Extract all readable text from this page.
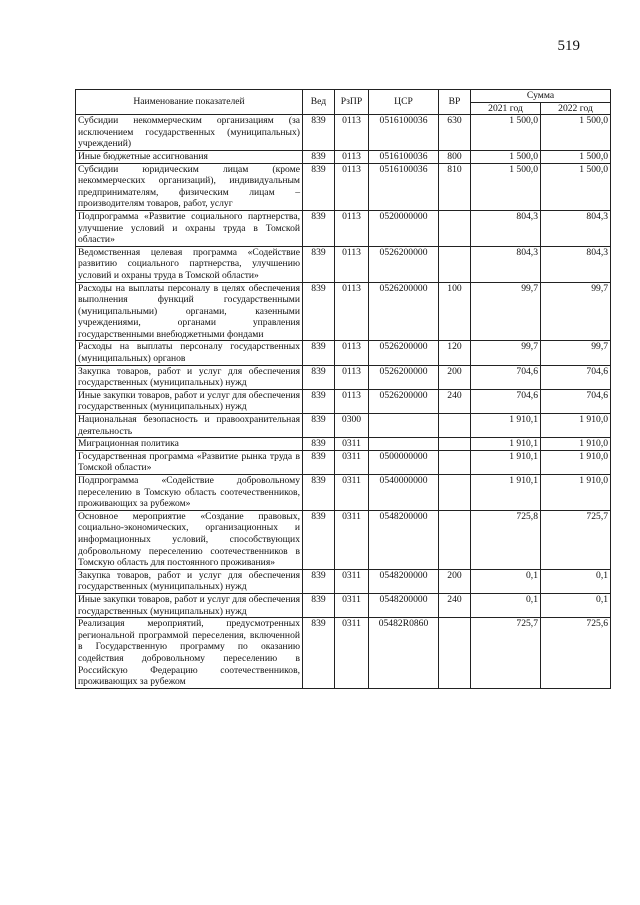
519
Наименование показателей	Вед	РзПР	ЦСР	ВР	Сумма	
					2021 год	2022 год
Субсидии некоммерческим организациям (за исключением государственных (муниципальных) учреждений)	839	0113	0516100036	630	1 500,0	1 500,0
Иные бюджетные ассигнования	839	0113	0516100036	800	1 500,0	1 500,0
Субсидии юридическим лицам (кроме некоммерческих организаций), индивидуальным предпринимателям, физическим лицам – производителям товаров, работ, услуг	839	0113	0516100036	810	1 500,0	1 500,0
Подпрограмма «Развитие социального партнерства, улучшение условий и охраны труда в Томской области»	839	0113	0520000000		804,3	804,3
Ведомственная целевая программа «Содействие развитию социального партнерства, улучшению условий и охраны труда в Томской области»	839	0113	0526200000		804,3	804,3
Расходы на выплаты персоналу в целях обеспечения выполнения функций государственными (муниципальными) органами, казенными учреждениями, органами управления государственными внебюджетными фондами	839	0113	0526200000	100	99,7	99,7
Расходы на выплаты персоналу государственных (муниципальных) органов	839	0113	0526200000	120	99,7	99,7
Закупка товаров, работ и услуг для обеспечения государственных (муниципальных) нужд	839	0113	0526200000	200	704,6	704,6
Иные закупки товаров, работ и услуг для обеспечения государственных (муниципальных) нужд	839	0113	0526200000	240	704,6	704,6
Национальная безопасность и правоохранительная деятельность	839	0300			1 910,1	1 910,0
Миграционная политика	839	0311			1 910,1	1 910,0
Государственная программа «Развитие рынка труда в Томской области»	839	0311	0500000000		1 910,1	1 910,0
Подпрограмма «Содействие добровольному переселению в Томскую область соотечественников, проживающих за рубежом»	839	0311	0540000000		1 910,1	1 910,0
Основное мероприятие «Создание правовых, социально-экономических, организационных и информационных условий, способствующих добровольному переселению соотечественников в Томскую область для постоянного проживания»	839	0311	0548200000		725,8	725,7
Закупка товаров, работ и услуг для обеспечения государственных (муниципальных) нужд	839	0311	0548200000	200	0,1	0,1
Иные закупки товаров, работ и услуг для обеспечения государственных (муниципальных) нужд	839	0311	0548200000	240	0,1	0,1
Реализация мероприятий, предусмотренных региональной программой переселения, включенной в Государственную программу по оказанию содействия добровольному переселению в Российскую Федерацию соотечественников, проживающих за рубежом	839	0311	05482R0860		725,7	725,6
